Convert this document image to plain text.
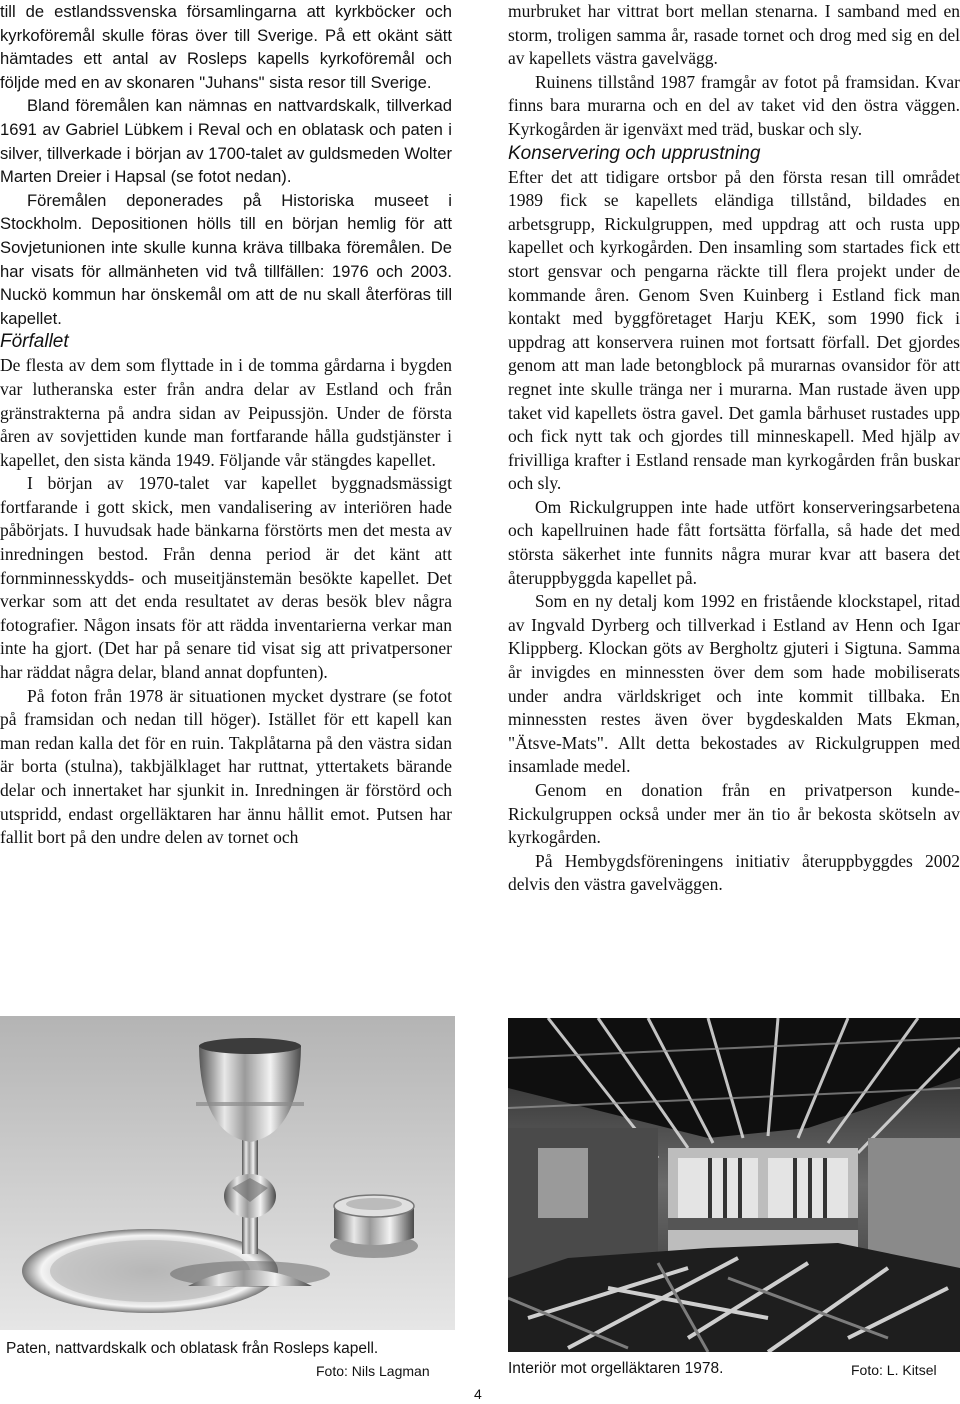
till de estlandssvenska församlingarna att kyrkböcker och kyrkoföremål skulle föras över till Sverige. På ett okänt sätt hämtades ett antal av Rosleps kapells kyrkoföremål och följde med en av skonaren "Juhans" sista resor till Sverige.

Bland föremålen kan nämnas en nattvardskalk, tillverkad 1691 av Gabriel Lübkem i Reval och en oblatask och paten i silver, tillverkade i början av 1700-talet av guldsmeden Wolter Marten Dreier i Hapsal (se fotot nedan).

Föremålen deponerades på Historiska museet i Stockholm. Depositionen hölls till en början hemlig för att Sovjetunionen inte skulle kunna kräva tillbaka föremålen. De har visats för allmänheten vid två tillfällen: 1976 och 2003. Nuckö kommun har önskemål om att de nu skall återföras till kapellet.

Förfallet

De flesta av dem som flyttade in i de tomma gårdarna i bygden var lutheranska ester från andra delar av Estland och från gränstrakterna på andra sidan av Peipussjön. Under de första åren av sovjettiden kunde man fortfarande hålla gudstjänster i kapellet, den sista kända 1949. Följande vår stängdes kapellet.

I början av 1970-talet var kapellet byggnadsmässigt fortfarande i gott skick, men vandalisering av interiören hade påbörjats. I huvudsak hade bänkarna förstörts men det mesta av inredningen bestod. Från denna period är det känt att fornminnesskydds- och museitjänstemän besökte kapellet. Det verkar som att det enda resultatet av deras besök blev några fotografier. Någon insats för att rädda inventarierna verkar man inte ha gjort. (Det har på senare tid visat sig att privatpersoner har räddat några delar, bland annat dopfunten).

På foton från 1978 är situationen mycket dystrare (se fotot på framsidan och nedan till höger). Istället för ett kapell kan man redan kalla det för en ruin. Takplåtarna på den västra sidan är borta (stulna), takbjälklaget har ruttnat, yttertakets bärande delar och innertaket har sjunkit in. Inredningen är förstörd och utspridd, endast orgelläktaren har ännu hållit emot. Putsen har fallit bort på den undre delen av tornet och

murbruket har vittrat bort mellan stenarna. I samband med en storm, troligen samma år, rasade tornet och drog med sig en del av kapellets västra gavelvägg.

Ruinens tillstånd 1987 framgår av fotot på framsidan. Kvar finns bara murarna och en del av taket vid den östra väggen. Kyrkogården är igenväxt med träd, buskar och sly.

Konservering och upprustning

Efter det att tidigare ortsbor på den första resan till området 1989 fick se kapellets eländiga tillstånd, bildades en arbetsgrupp, Rickulgruppen, med uppdrag att och rusta upp kapellet och kyrkogården. Den insamling som startades fick ett stort gensvar och pengarna räckte till flera projekt under de kommande åren. Genom Sven Kuinberg i Estland fick man kontakt med byggföretaget Harju KEK, som 1990 fick i uppdrag att konservera ruinen mot fortsatt förfall. Det gjordes genom att man lade betongblock på murarnas ovansidor för att regnet inte skulle tränga ner i murarna. Man rustade även upp taket vid kapellets östra gavel. Det gamla bårhuset rustades upp och fick nytt tak och gjordes till minneskapell. Med hjälp av frivilliga krafter i Estland rensade man kyrkogården från buskar och sly.

Om Rickulgruppen inte hade utfört konserveringsarbetena och kapellruinen hade fått fortsätta förfalla, så hade det med största säkerhet inte funnits några murar kvar att basera det återuppbyggda kapellet på.

Som en ny detalj kom 1992 en fristående klockstapel, ritad av Ingvald Dyrberg och tillverkad i Estland av Henn och Igar Klippberg. Klockan göts av Bergholtz gjuteri i Sigtuna. Samma år invigdes en minnessten över dem som hade mobiliserats under andra världskriget och inte kommit tillbaka. En minnessten restes även över bygdeskalden Mats Ekman, "Ätsve-Mats". Allt detta bekostades av Rickulgruppen med insamlade medel.

Genom en donation från en privatperson kundeRickulgruppen också under mer än tio år bekosta skötseln av kyrkogården.

På Hembygdsföreningens initiativ återuppbyggdes 2002 delvis den västra gavelväggen.

Paten, nattvardskalk och oblatask från Rosleps kapell.
Foto: Nils Lagman	Interiör mot orgelläktaren 1978.	Foto: L. Kitsel
4
